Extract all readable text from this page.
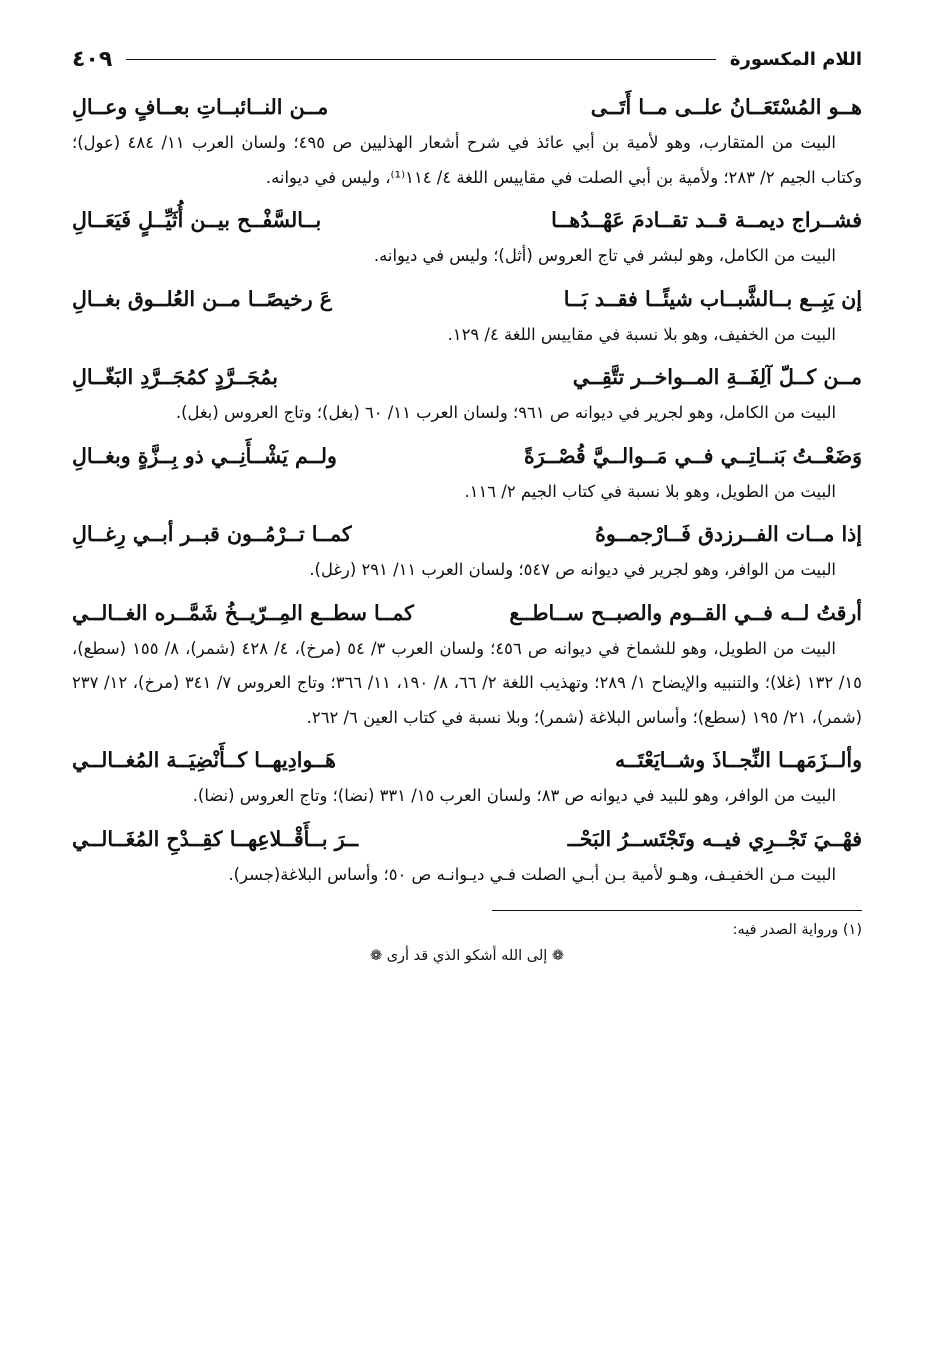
اللام المكسورة
٤٠٩
هــو المُسْتَعَــانُ علــى مــا أَتَــى
مــن النــائبــاتِ بعــافٍ وعــالِ
البيت من المتقارب، وهو لأمية بن أبي عائذ في شرح أشعار الهذليين ص ٤٩٥؛ ولسان العرب ١١/ ٤٨٤ (عول)؛ وكتاب الجيم ٢/ ٢٨٣؛ ولأمية بن أبي الصلت في مقاييس اللغة ٤/ ١١٤⁽¹⁾، وليس في ديوانه.
فشــراج ديمــة قــد تقــادمَ عَهْــدُهــا
بــالسَّفْــح بيــن أُثَيِّــلٍ فَيَعَــالِ
البيت من الكامل، وهو لبشر في تاج العروس (أثل)؛ وليس في ديوانه.
إن يَبِــع بــالشَّبــاب شيئًــا فقــد بَــا
عَ رخيصًــا مــن العُلــوق بغــالِ
البيت من الخفيف، وهو بلا نسبة في مقاييس اللغة ٤/ ١٢٩.
مــن كــلّ آلِفَــةِ المــواخــر تتَّقِــي
بمُجَــرَّدٍ كمُجَــرَّدِ البَغّــالِ
البيت من الكامل، وهو لجرير في ديوانه ص ٩٦١؛ ولسان العرب ١١/ ٦٠ (بغل)؛ وتاج العروس (بغل).
وَضَعْــتُ بَنــاتِــي فــي مَــوالــيَّ قُصْــرَةً
ولــم يَشْــأَنِــي ذو بِــزَّةٍ وبغــالِ
البيت من الطويل، وهو بلا نسبة في كتاب الجيم ٢/ ١١٦.
إذا مــات الفــرزدق فَــارْجمــوهُ
كمــا تــرْمُــون قبــر أبــي رِغــالِ
البيت من الوافر، وهو لجرير في ديوانه ص ٥٤٧؛ ولسان العرب ١١/ ٢٩١ (رغل).
أرقتُ لــه فــي القــوم والصبــح ســاطــع
كمــا سطــع المِــرّيــخُ شَمَّــره الغــالــي
البيت من الطويل، وهو للشماخ في ديوانه ص ٤٥٦؛ ولسان العرب ٣/ ٥٤ (مرخ)، ٤/ ٤٢٨ (شمر)، ٨/ ١٥٥ (سطع)، ١٥/ ١٣٢ (غلا)؛ والتنبيه والإيضاح ١/ ٢٨٩؛ وتهذيب اللغة ٢/ ٦٦، ٨/ ١٩٠، ١١/ ٣٦٦؛ وتاج العروس ٧/ ٣٤١ (مرخ)، ١٢/ ٢٣٧ (شمر)، ٢١/ ١٩٥ (سطع)؛ وأساس البلاغة (شمر)؛ وبلا نسبة في كتاب العين ٦/ ٢٦٢.
وألــزَمَهــا النِّجــاذَ وشــايَعْتَــه
هَــوادِيهــا كــأَنْضِيَــة المُغــالــي
البيت من الوافر، وهو للبيد في ديوانه ص ٨٣؛ ولسان العرب ١٥/ ٣٣١ (نضا)؛ وتاج العروس (نضا).
فهْــيَ تَجْــرِي فيــه وتَجْتَســرُ البَحْــ
ــرَ بــأَقْــلاعِهــا كقِــدْحِ المُغَــالــي
البيت مـن الخفيـف، وهـو لأمية بـن أبـي الصلت فـي ديـوانـه ص ٥٠؛ وأساس البلاغة(جسر).
(١) ورواية الصدر فيه:
❁ إلى الله أشكو الذي قد أرى ❁
